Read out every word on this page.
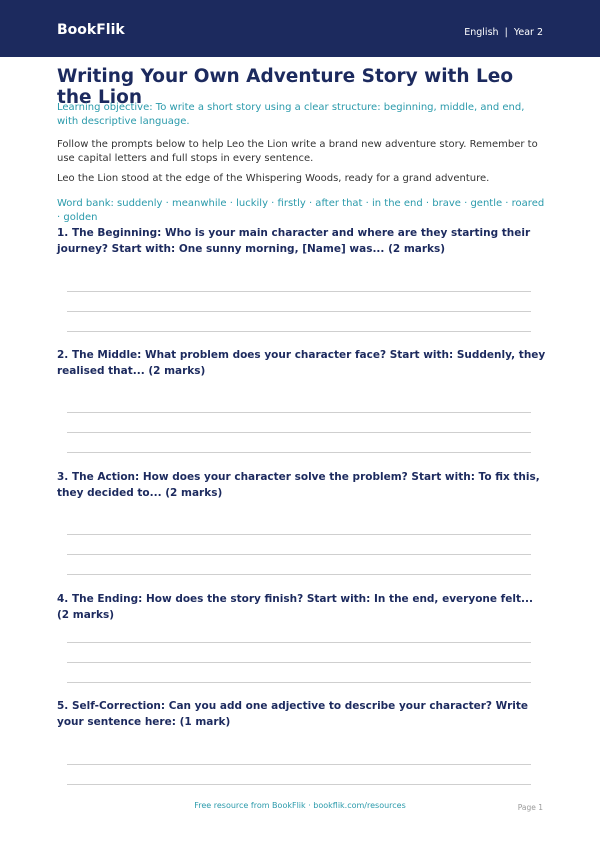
BookFlik	English  |  Year 2
Writing Your Own Adventure Story with Leo the Lion

Learning objective: To write a short story using a clear structure: beginning, middle, and end, with descriptive language.

Follow the prompts below to help Leo the Lion write a brand new adventure story. Remember to use capital letters and full stops in every sentence.

Leo the Lion stood at the edge of the Whispering Woods, ready for a grand adventure.

Word bank: suddenly · meanwhile · luckily · firstly · after that · in the end · brave · gentle · roared · golden

1. The Beginning: Who is your main character and where are they starting their journey? Start with: One sunny morning, [Name] was... (2 marks)

2. The Middle: What problem does your character face? Start with: Suddenly, they realised that... (2 marks)

3. The Action: How does your character solve the problem? Start with: To fix this, they decided to... (2 marks)

4. The Ending: How does the story finish? Start with: In the end, everyone felt... (2 marks)

5. Self-Correction: Can you add one adjective to describe your character? Write your sentence here: (1 mark)

Free resource from BookFlik · bookflik.com/resources	Page 1
